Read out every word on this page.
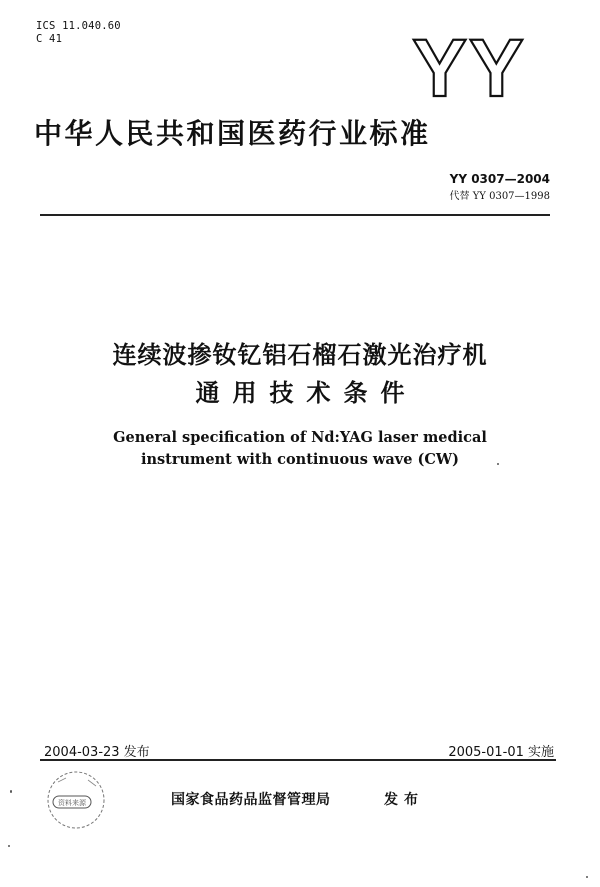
ICS 11.040.60
C 41	YY
中华人民共和国医药行业标准
YY 0307—2004
代替 YY 0307—1998
连续波掺钕钇铝石榴石激光治疗机
通用技术条件
General specification of Nd:YAG laser medical
instrument with continuous wave (CW)
2004-03-23 发布	2005-01-01 实施
资料来源	国家食品药品监督管理局	发布
